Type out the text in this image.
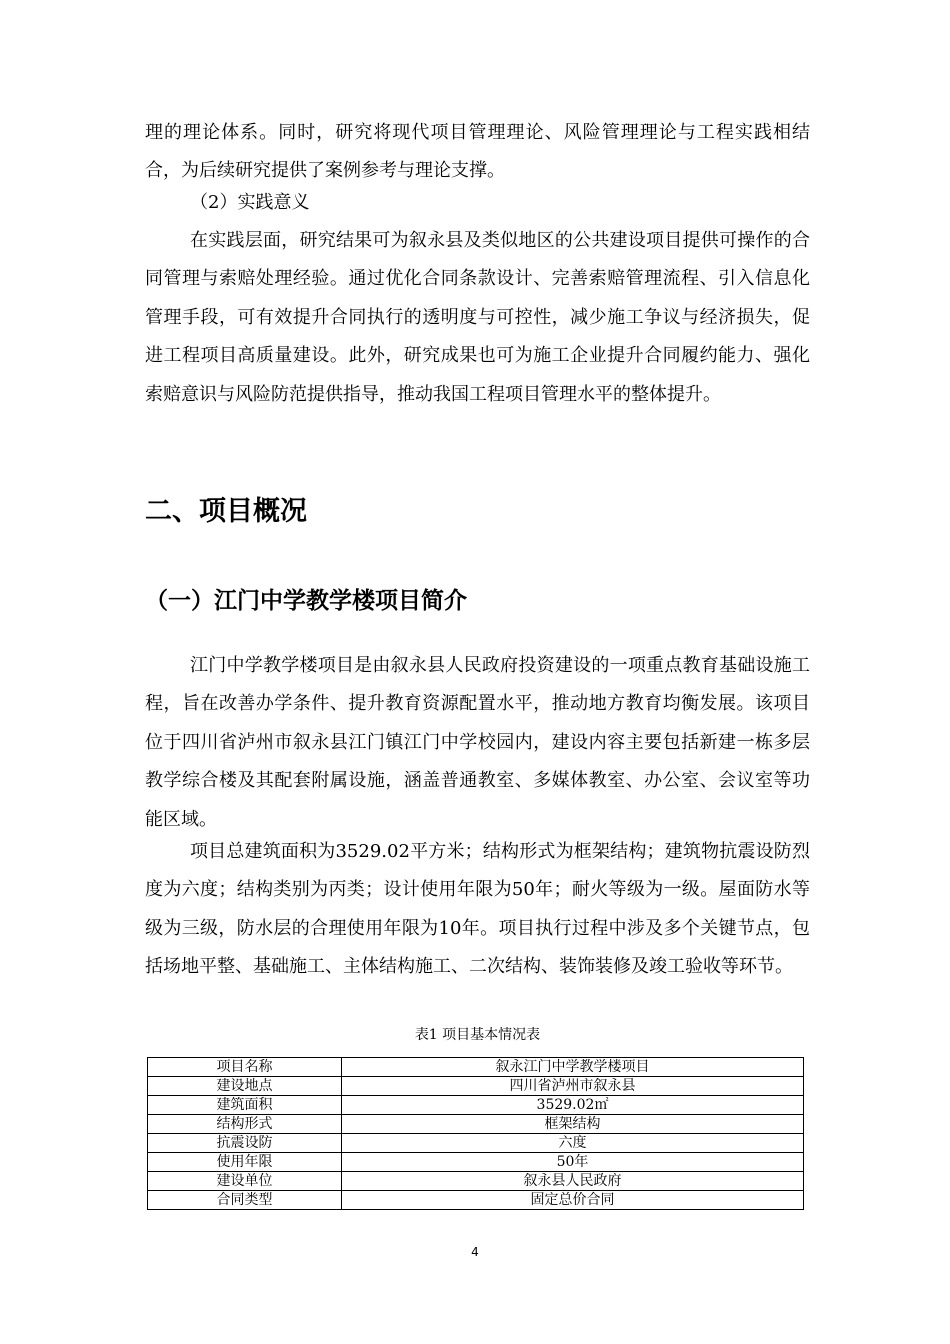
理的理论体系。同时，研究将现代项目管理理论、风险管理理论与工程实践相结合，为后续研究提供了案例参考与理论支撑。

（2）实践意义

在实践层面，研究结果可为叙永县及类似地区的公共建设项目提供可操作的合同管理与索赔处理经验。通过优化合同条款设计、完善索赔管理流程、引入信息化管理手段，可有效提升合同执行的透明度与可控性，减少施工争议与经济损失，促进工程项目高质量建设。此外，研究成果也可为施工企业提升合同履约能力、强化索赔意识与风险防范提供指导，推动我国工程项目管理水平的整体提升。

二、项目概况
（一）江门中学教学楼项目简介

江门中学教学楼项目是由叙永县人民政府投资建设的一项重点教育基础设施工程，旨在改善办学条件、提升教育资源配置水平，推动地方教育均衡发展。该项目位于四川省泸州市叙永县江门镇江门中学校园内，建设内容主要包括新建一栋多层教学综合楼及其配套附属设施，涵盖普通教室、多媒体教室、办公室、会议室等功能区域。

项目总建筑面积为3529.02平方米；结构形式为框架结构；建筑物抗震设防烈度为六度；结构类别为丙类；设计使用年限为50年；耐火等级为一级。屋面防水等级为三级，防水层的合理使用年限为10年。项目执行过程中涉及多个关键节点，包括场地平整、基础施工、主体结构施工、二次结构、装饰装修及竣工验收等环节。

表1 项目基本情况表
项目名称	叙永江门中学教学楼项目
建设地点	四川省泸州市叙永县
建筑面积	3529.02㎡
结构形式	框架结构
抗震设防	六度
使用年限	50年
建设单位	叙永县人民政府
合同类型	固定总价合同
4
